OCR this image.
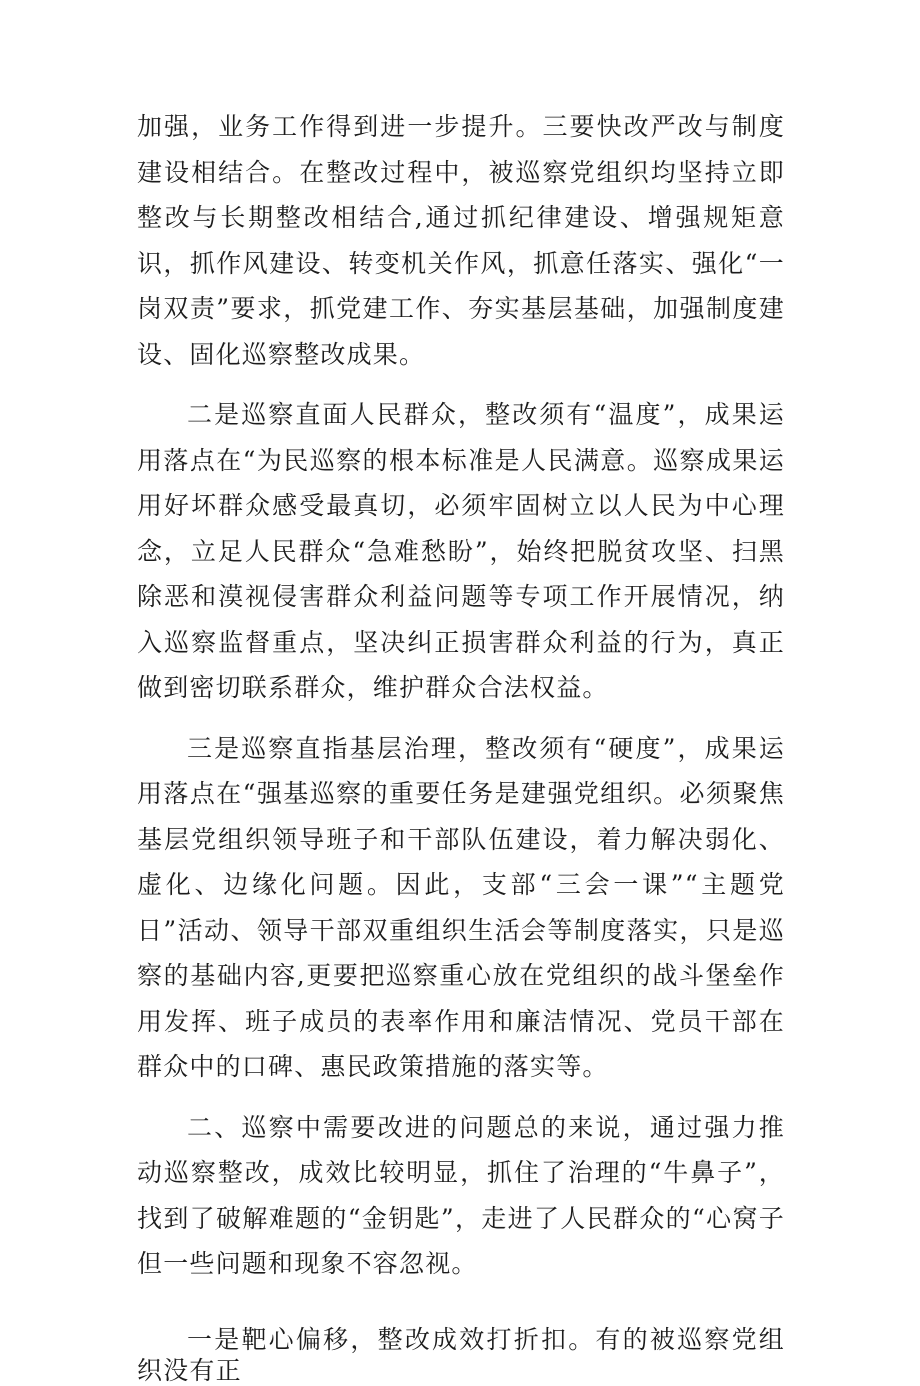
加强，业务工作得到进一步提升。三要快改严改与制度建设相结合。在整改过程中，被巡察党组织均坚持立即整改与长期整改相结合,通过抓纪律建设、增强规矩意识，抓作风建设、转变机关作风，抓意任落实、强化“一岗双责”要求，抓党建工作、夯实基层基础，加强制度建设、固化巡察整改成果。

二是巡察直面人民群众，整改须有“温度”，成果运用落点在“为民巡察的根本标准是人民满意。巡察成果运用好坏群众感受最真切，必须牢固树立以人民为中心理念，立足人民群众“急难愁盼”，始终把脱贫攻坚、扫黑除恶和漠视侵害群众利益问题等专项工作开展情况，纳入巡察监督重点，坚决纠正损害群众利益的行为，真正做到密切联系群众，维护群众合法权益。

三是巡察直指基层治理，整改须有“硬度”，成果运用落点在“强基巡察的重要任务是建强党组织。必须聚焦基层党组织领导班子和干部队伍建设，着力解决弱化、虚化、边缘化问题。因此，支部“三会一课”“主题党日”活动、领导干部双重组织生活会等制度落实，只是巡察的基础内容,更要把巡察重心放在党组织的战斗堡垒作用发挥、班子成员的表率作用和廉洁情况、党员干部在群众中的口碑、惠民政策措施的落实等。

二、巡察中需要改进的问题总的来说，通过强力推动巡察整改，成效比较明显，抓住了治理的“牛鼻子”，找到了破解难题的“金钥匙”，走进了人民群众的“心窝子但一些问题和现象不容忽视。

一是靶心偏移，整改成效打折扣。有的被巡察党组织没有正
